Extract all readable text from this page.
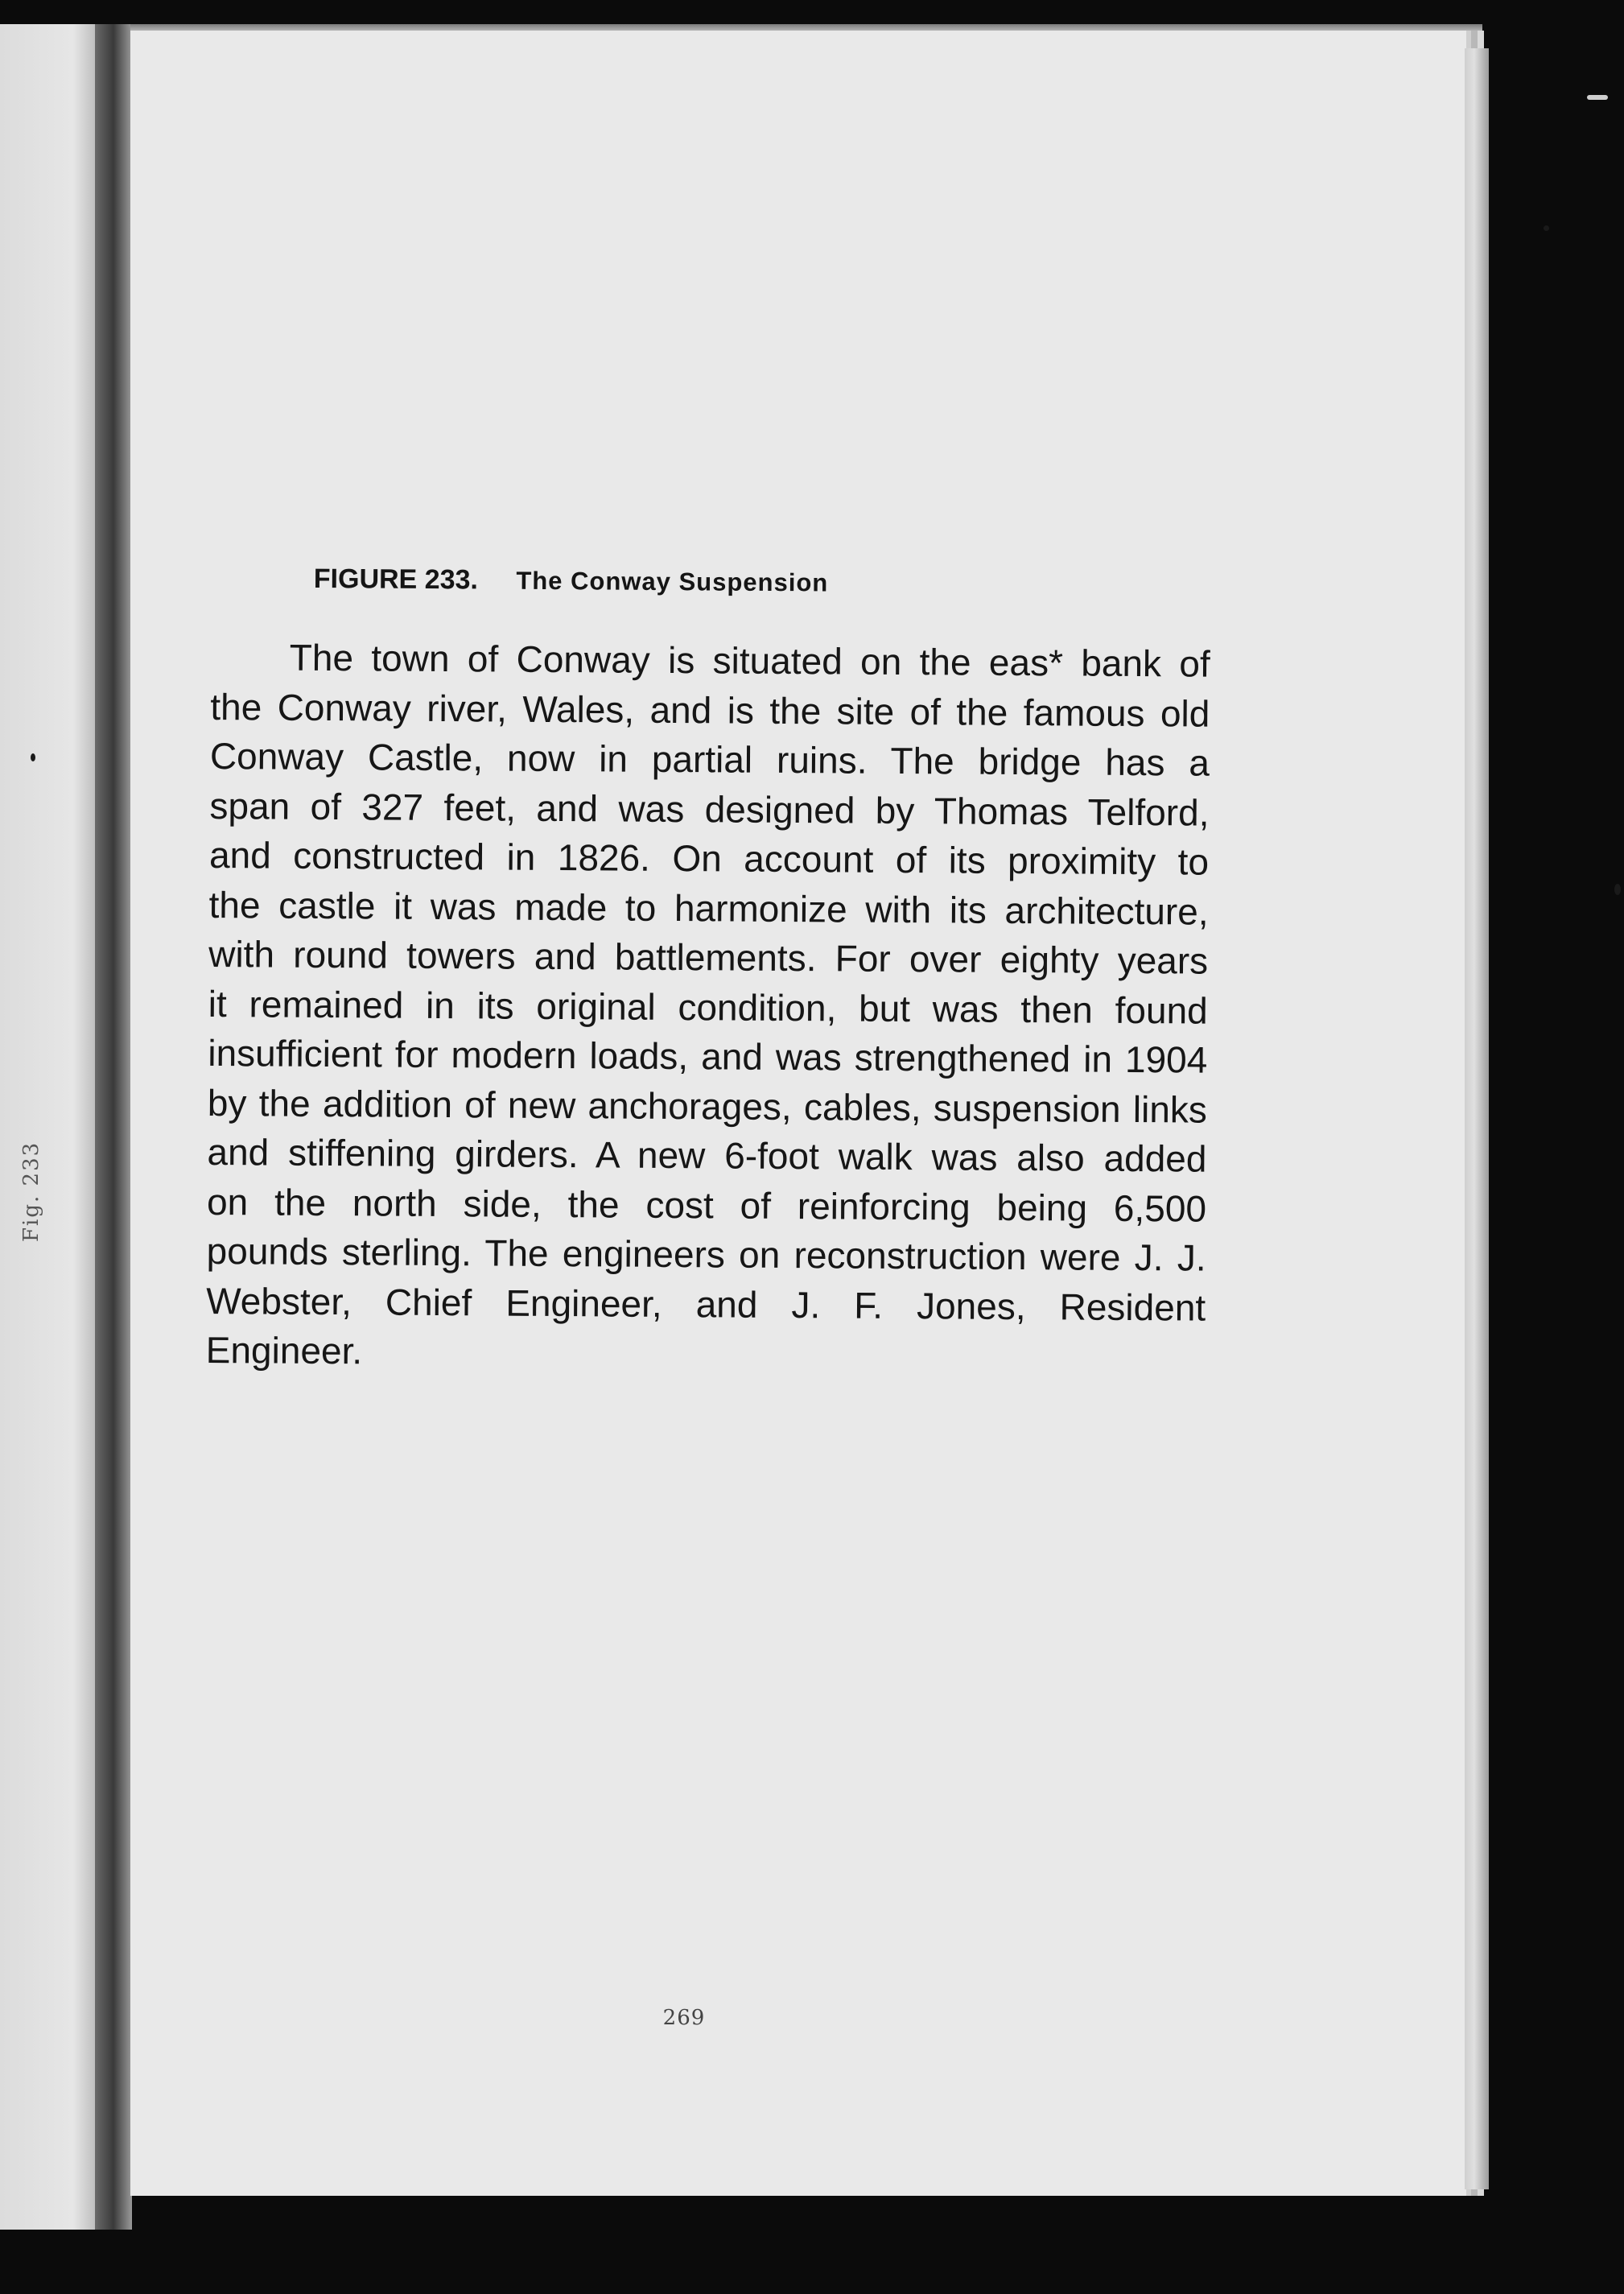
Fig. 233
FIGURE 233. The Conway Suspension
The town of Conway is situated on the eas* bank of
the Conway river, Wales, and is the site of the famous old
Conway Castle, now in partial ruins. The bridge has a
span of 327 feet, and was designed by Thomas Telford,
and constructed in 1826. On account of its proximity to
the castle it was made to harmonize with its architecture,
with round towers and battlements. For over eighty years
it remained in its original condition, but was then found
insufficient for modern loads, and was strengthened in 1904
by the addition of new anchorages, cables, suspension links
and stiffening girders. A new 6-foot walk was also added
on the north side, the cost of reinforcing being 6,500
pounds sterling. The engineers on reconstruction were J. J.
Webster, Chief Engineer, and J. F. Jones, Resident
Engineer.
269
